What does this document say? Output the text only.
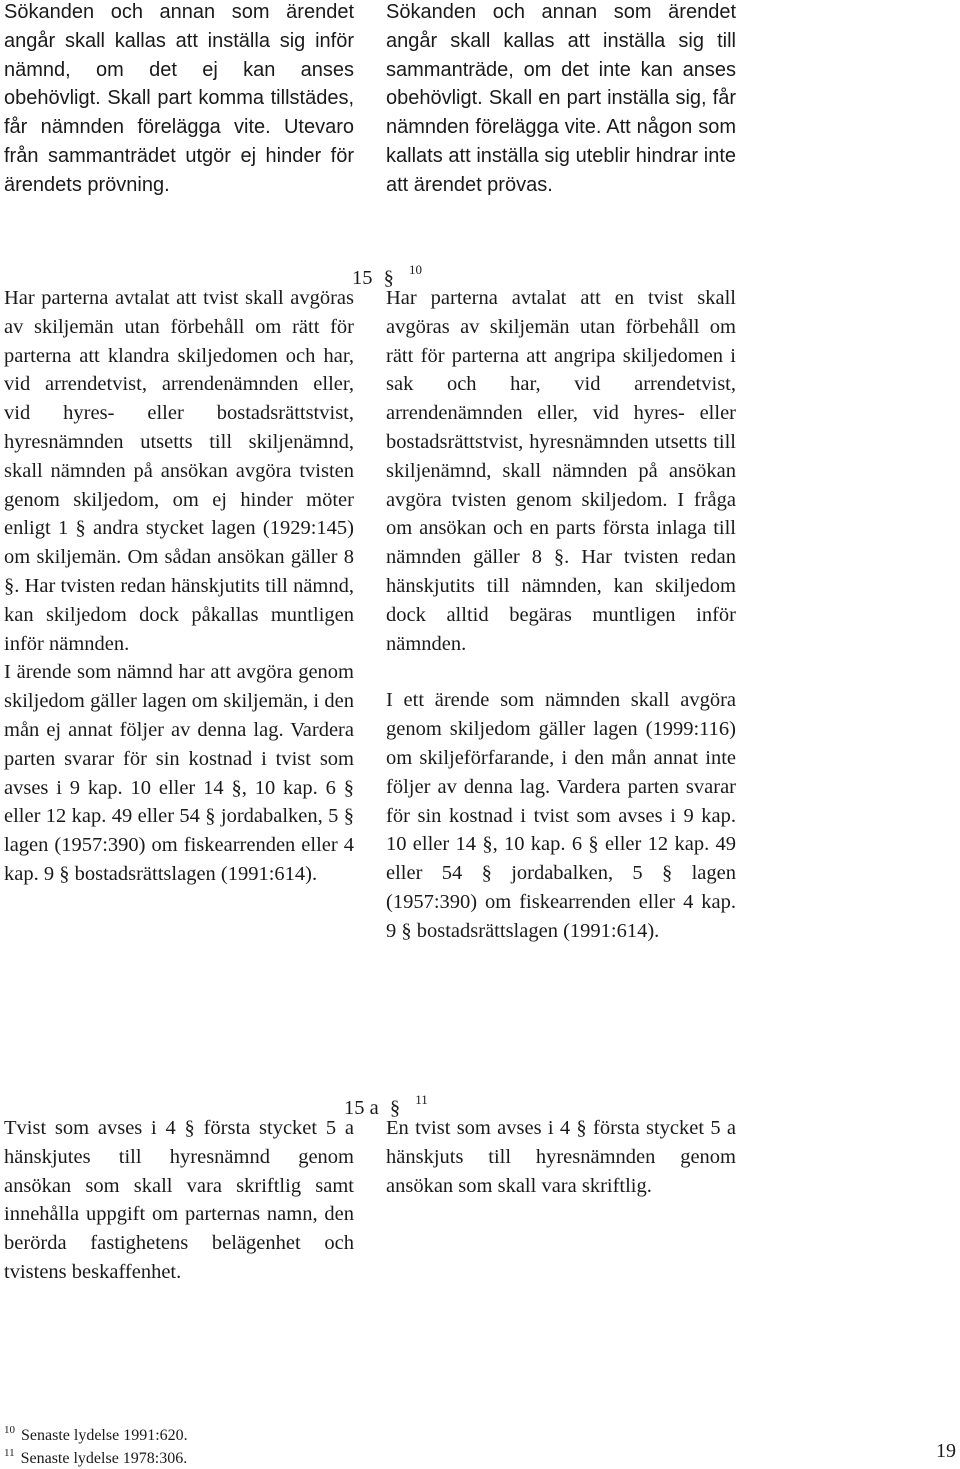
Sökanden och annan som ärendet angår skall kallas att inställa sig inför nämnd, om det ej kan anses obehövligt. Skall part komma tillstädes, får nämnden förelägga vite. Utevaro från sammanträdet utgör ej hinder för ärendets prövning.

Sökanden och annan som ärendet angår skall kallas att inställa sig till sammanträde, om det inte kan anses obehövligt. Skall en part inställa sig, får nämnden förelägga vite. Att någon som kallats att inställa sig uteblir hindrar inte att ärendet prövas.

15 § $^{10}$

Har parterna avtalat att tvist skall avgöras av skiljemän utan förbehåll om rätt för parterna att klandra skiljedomen och har, vid arrendetvist, arrendenämnden eller, vid hyres- eller bostadsrättstvist, hyresnämnden utsetts till skiljenämnd, skall nämnden på ansökan avgöra tvisten genom skiljedom, om ej hinder möter enligt 1 § andra stycket lagen (1929:145) om skiljemän. Om sådan ansökan gäller 8 §. Har tvisten redan hänskjutits till nämnd, kan skiljedom dock påkallas muntligen inför nämnden.

I ärende som nämnd har att avgöra genom skiljedom gäller lagen om skiljemän, i den mån ej annat följer av denna lag. Vardera parten svarar för sin kostnad i tvist som avses i 9 kap. 10 eller 14 §, 10 kap. 6 § eller 12 kap. 49 eller 54 § jordabalken, 5 § lagen (1957:390) om fiskearrenden eller 4 kap. 9 § bostadsrättslagen (1991:614).

Har parterna avtalat att en tvist skall avgöras av skiljemän utan förbehåll om rätt för parterna att angripa skiljedomen i sak och har, vid arrendetvist, arrendenämnden eller, vid hyres- eller bostadsrättstvist, hyresnämnden utsetts till skiljenämnd, skall nämnden på ansökan avgöra tvisten genom skiljedom. I fråga om ansökan och en parts första inlaga till nämnden gäller 8 §. Har tvisten redan hänskjutits till nämnden, kan skiljedom dock alltid begäras muntligen inför nämnden.

I ett ärende som nämnden skall avgöra genom skiljedom gäller lagen (1999:116) om skiljeförfarande, i den mån annat inte följer av denna lag. Vardera parten svarar för sin kostnad i tvist som avses i 9 kap. 10 eller 14 §, 10 kap. 6 § eller 12 kap. 49 eller 54 § jordabalken, 5 § lagen (1957:390) om fiskearrenden eller 4 kap. 9 § bostadsrättslagen (1991:614).

15 a § $^{11}$

Tvist som avses i 4 § första stycket 5 a hänskjutes till hyresnämnd genom ansökan som skall vara skriftlig samt innehålla uppgift om parternas namn, den berörda fastighetens belägenhet och tvistens beskaffenhet.

En tvist som avses i 4 § första stycket 5 a hänskjuts till hyresnämnden genom ansökan som skall vara skriftlig.

$^{10}$ Senaste lydelse 1991:620.
$^{11}$ Senaste lydelse 1978:306.	19
